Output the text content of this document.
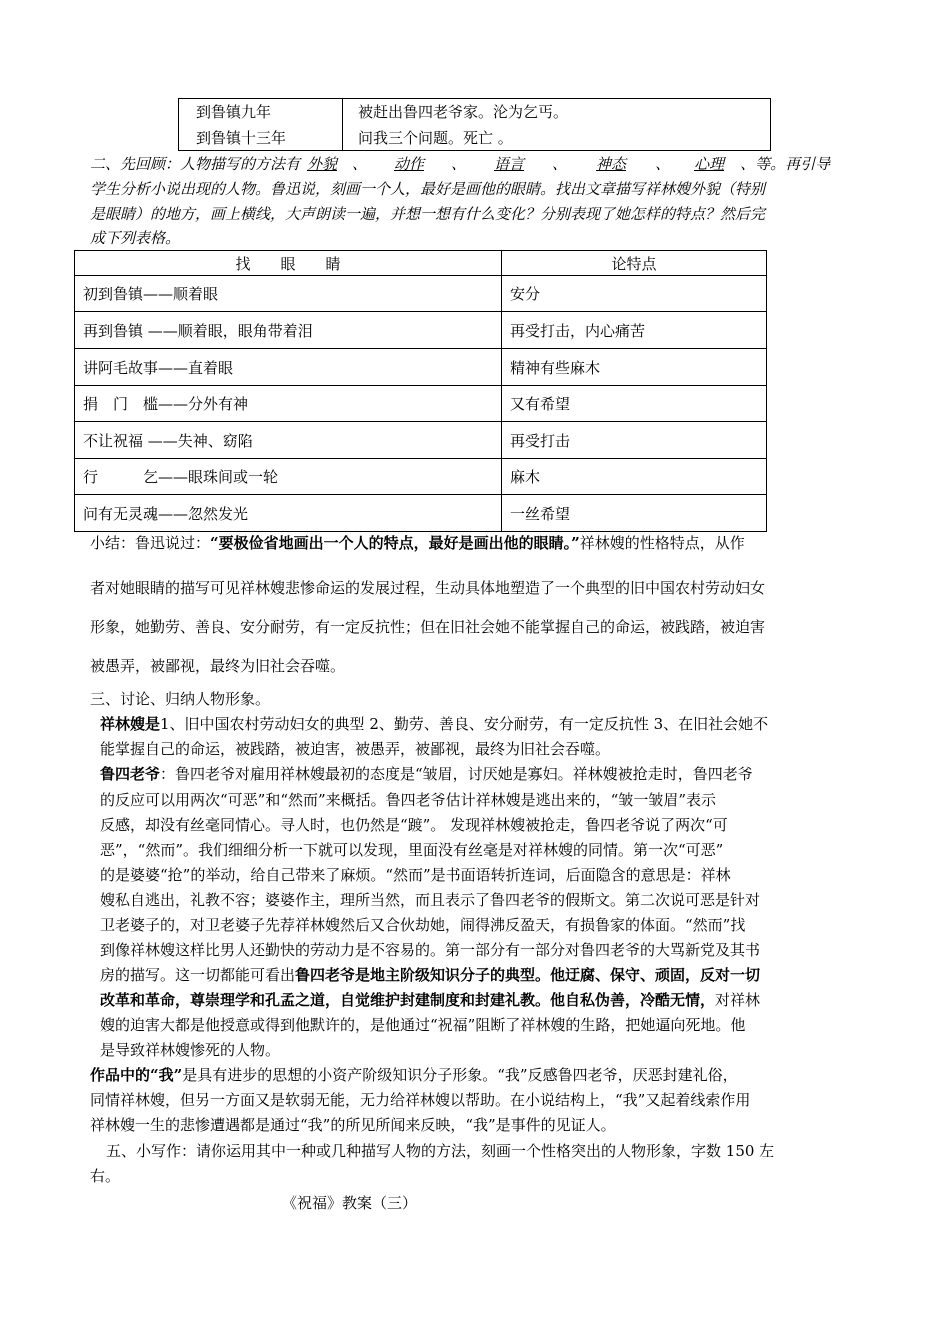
到鲁镇九年	被赶出鲁四老爷家。沦为乞丐。
到鲁镇十三年	问我三个问题。死亡 。
二、先回顾：人物描写的方法有 外貌 、 动作 、 语言 、 神态 、 心理 、等。再引导
学生分析小说出现的人物。鲁迅说，刻画一个人，最好是画他的眼睛。找出文章描写祥林嫂外貌（特别
是眼睛）的地方，画上横线，大声朗读一遍，并想一想有什么变化？分别表现了她怎样的特点？然后完
成下列表格。
找　　眼　　睛	论特点
初到鲁镇——顺着眼	安分
再到鲁镇 ——顺着眼，眼角带着泪	再受打击，内心痛苦
讲阿毛故事——直着眼	精神有些麻木
捐　门　槛——分外有神	又有希望
不让祝福 ——失神、窈陷	再受打击
行　　　乞——眼珠间或一轮	麻木
问有无灵魂——忽然发光	一丝希望
小结：鲁迅说过：“要极俭省地画出一个人的特点，最好是画出他的眼睛。”祥林嫂的性格特点，从作
者对她眼睛的描写可见祥林嫂悲惨命运的发展过程，生动具体地塑造了一个典型的旧中国农村劳动妇女
形象，她勤劳、善良、安分耐劳，有一定反抗性；但在旧社会她不能掌握自己的命运，被践踏，被迫害
被愚弄，被鄙视，最终为旧社会吞噬。
三、讨论、归纳人物形象。
祥林嫂是1、旧中国农村劳动妇女的典型 2、勤劳、善良、安分耐劳，有一定反抗性 3、在旧社会她不
能掌握自己的命运，被践踏，被迫害，被愚弄，被鄙视，最终为旧社会吞噬。
鲁四老爷：鲁四老爷对雇用祥林嫂最初的态度是“皱眉，讨厌她是寡妇。祥林嫂被抢走时，鲁四老爷
的反应可以用两次“可恶”和“然而”来概括。鲁四老爷估计祥林嫂是逃出来的，“皱一皱眉”表示
反感，却没有丝毫同情心。寻人时，也仍然是“踱”。 发现祥林嫂被抢走，鲁四老爷说了两次“可
恶”，“然而”。我们细细分析一下就可以发现，里面没有丝毫是对祥林嫂的同情。第一次“可恶”
的是婆婆“抢”的举动，给自己带来了麻烦。“然而”是书面语转折连词，后面隐含的意思是：祥林
嫂私自逃出，礼教不容；婆婆作主，理所当然，而且表示了鲁四老爷的假斯文。第二次说可恶是针对
卫老婆子的，对卫老婆子先荐祥林嫂然后又合伙劫她，闹得沸反盈天，有损鲁家的体面。“然而”找
到像祥林嫂这样比男人还勤快的劳动力是不容易的。第一部分有一部分对鲁四老爷的大骂新党及其书
房的描写。这一切都能可看出鲁四老爷是地主阶级知识分子的典型。他迂腐、保守、顽固，反对一切
改革和革命，尊崇理学和孔孟之道，自觉维护封建制度和封建礼教。他自私伪善，冷酷无情，对祥林
嫂的迫害大都是他授意或得到他默许的，是他通过“祝福”阻断了祥林嫂的生路，把她逼向死地。他
是导致祥林嫂惨死的人物。
作品中的“我”是具有进步的思想的小资产阶级知识分子形象。“我”反感鲁四老爷，厌恶封建礼俗，
同情祥林嫂，但另一方面又是软弱无能，无力给祥林嫂以帮助。在小说结构上，“我”又起着线索作用
祥林嫂一生的悲惨遭遇都是通过“我”的所见所闻来反映，“我”是事件的见证人。
五、小写作：请你运用其中一种或几种描写人物的方法，刻画一个性格突出的人物形象，字数 150 左
右。
《祝福》教案（三）
